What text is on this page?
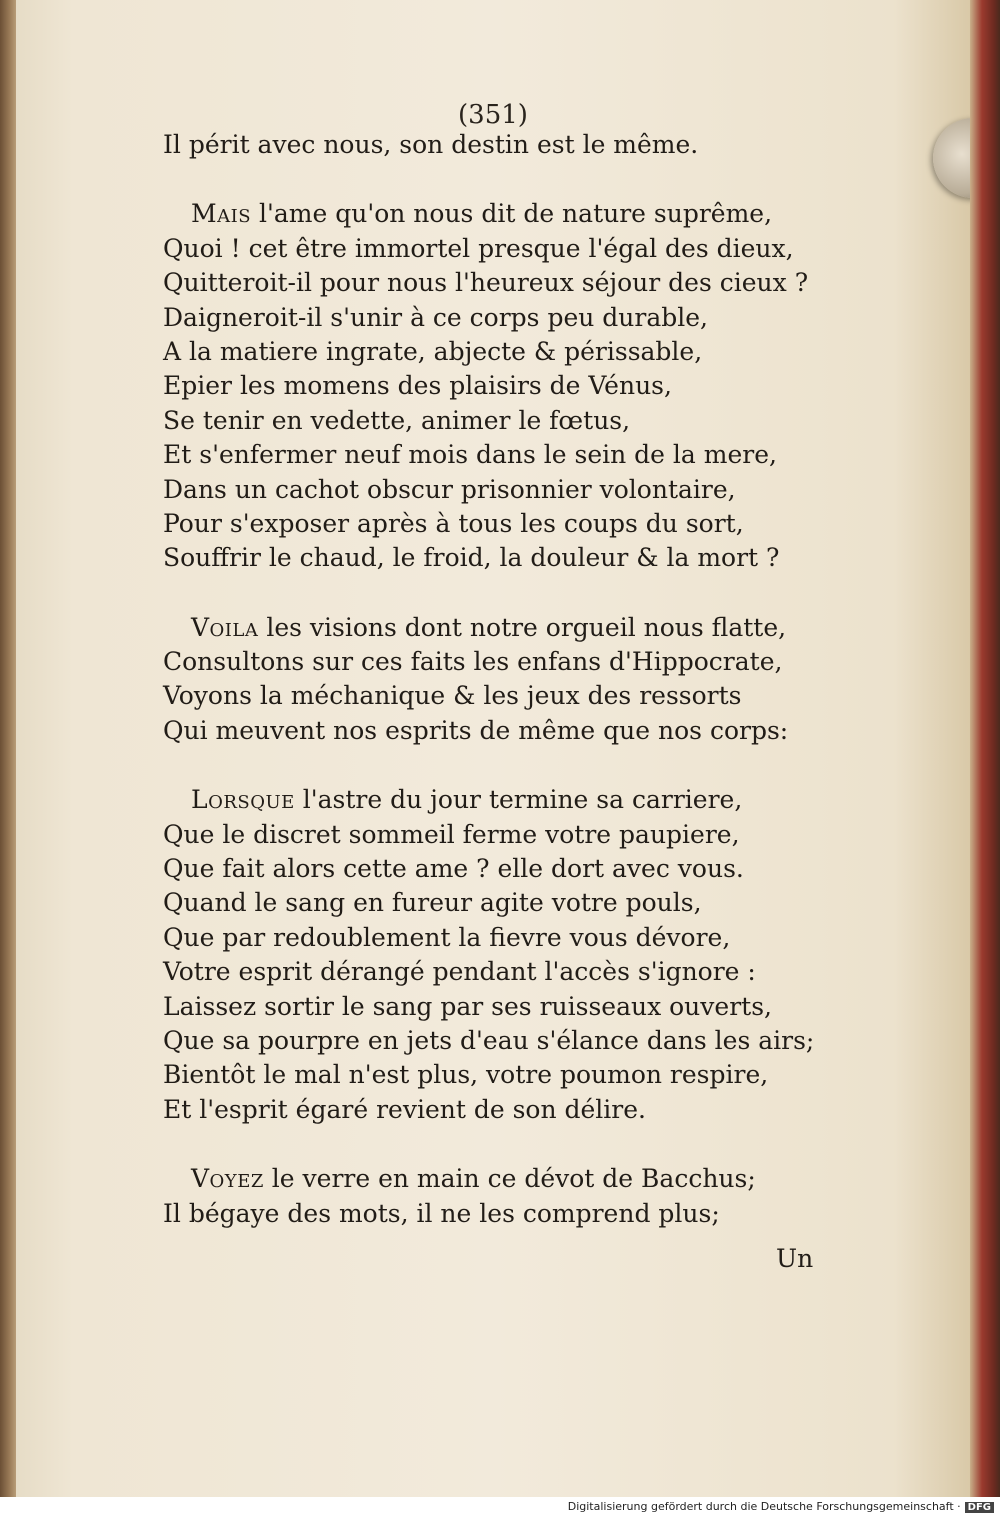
(351)
Il périt avec nous, son destin est le même.
Mais l'ame qu'on nous dit de nature suprême,
Quoi ! cet être immortel presque l'égal des dieux,
Quitteroit-il pour nous l'heureux séjour des cieux ?
Daigneroit-il s'unir à ce corps peu durable,
A la matiere ingrate, abjecte & périssable,
Epier les momens des plaisirs de Vénus,
Se tenir en vedette, animer le fœtus,
Et s'enfermer neuf mois dans le sein de la mere,
Dans un cachot obscur prisonnier volontaire,
Pour s'exposer après à tous les coups du sort,
Souffrir le chaud, le froid, la douleur & la mort ?
Voila les visions dont notre orgueil nous flatte,
Consultons sur ces faits les enfans d'Hippocrate,
Voyons la méchanique & les jeux des ressorts
Qui meuvent nos esprits de même que nos corps:
Lorsque l'astre du jour termine sa carriere,
Que le discret sommeil ferme votre paupiere,
Que fait alors cette ame ? elle dort avec vous.
Quand le sang en fureur agite votre pouls,
Que par redoublement la fievre vous dévore,
Votre esprit dérangé pendant l'accès s'ignore :
Laissez sortir le sang par ses ruisseaux ouverts,
Que sa pourpre en jets d'eau s'élance dans les airs;
Bientôt le mal n'est plus, votre poumon respire,
Et l'esprit égaré revient de son délire.
Voyez le verre en main ce dévot de Bacchus;
Il bégaye des mots, il ne les comprend plus;
Un
Digitalisierung gefördert durch die Deutsche Forschungsgemeinschaft · DFG
